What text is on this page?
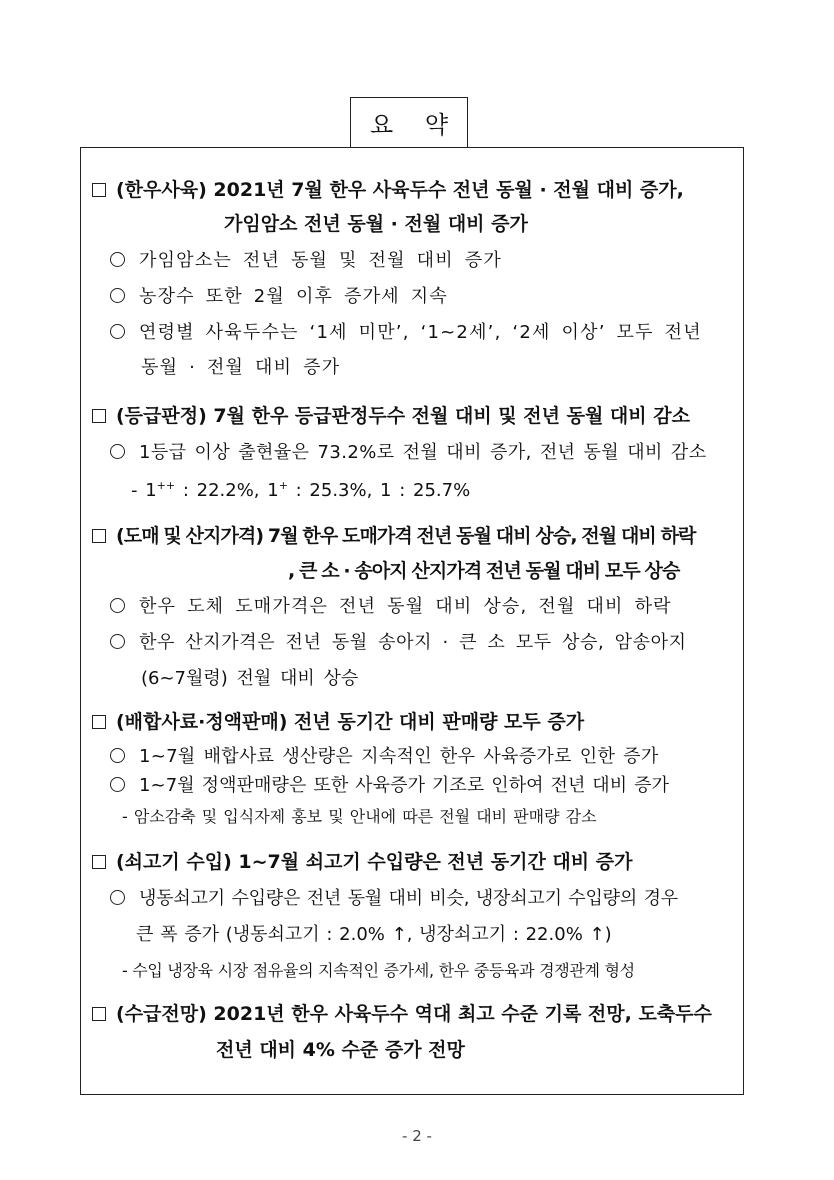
요 약
(한우사육) 2021년 7월 한우 사육두수 전년 동월 · 전월 대비 증가,
가임암소 전년 동월 · 전월 대비 증가
가임암소는 전년 동월 및 전월 대비 증가
농장수 또한 2월 이후 증가세 지속
연령별 사육두수는 ‘1세 미만’, ‘1~2세’, ‘2세 이상’ 모두 전년
동월 · 전월 대비 증가
(등급판정) 7월 한우 등급판정두수 전월 대비 및 전년 동월 대비 감소
1등급 이상 출현율은 73.2%로 전월 대비 증가, 전년 동월 대비 감소
- 1++ : 22.2%, 1+ : 25.3%, 1 : 25.7%
(도매 및 산지가격) 7월 한우 도매가격 전년 동월 대비 상승, 전월 대비 하락
, 큰 소 · 송아지 산지가격 전년 동월 대비 모두 상승
한우 도체 도매가격은 전년 동월 대비 상승, 전월 대비 하락
한우 산지가격은 전년 동월 송아지 · 큰 소 모두 상승, 암송아지
(6~7월령) 전월 대비 상승
(배합사료·정액판매) 전년 동기간 대비 판매량 모두 증가
1~7월 배합사료 생산량은 지속적인 한우 사육증가로 인한 증가
1~7월 정액판매량은 또한 사육증가 기조로 인하여 전년 대비 증가
- 암소감축 및 입식자제 홍보 및 안내에 따른 전월 대비 판매량 감소
(쇠고기 수입) 1~7월 쇠고기 수입량은 전년 동기간 대비 증가
냉동쇠고기 수입량은 전년 동월 대비 비슷, 냉장쇠고기 수입량의 경우
큰 폭 증가 (냉동쇠고기 : 2.0% ↑, 냉장쇠고기 : 22.0% ↑)
- 수입 냉장육 시장 점유율의 지속적인 증가세, 한우 중등육과 경쟁관계 형성
(수급전망) 2021년 한우 사육두수 역대 최고 수준 기록 전망, 도축두수
전년 대비 4% 수준 증가 전망
- 2 -
